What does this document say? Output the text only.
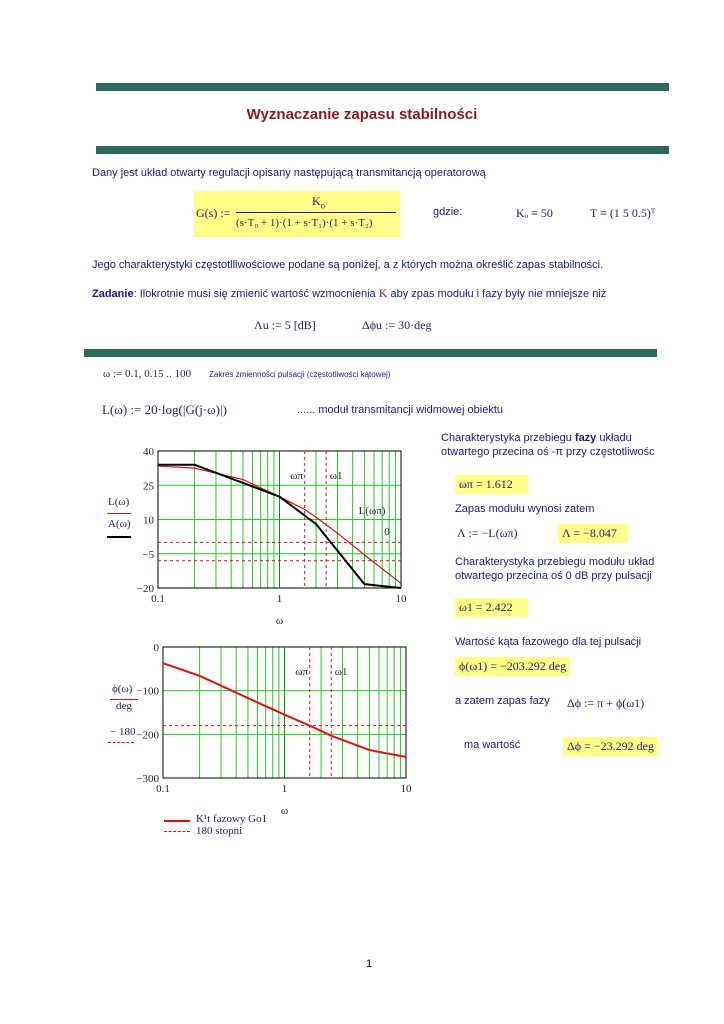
Wyznaczanie zapasu stabilności
Dany jest układ otwarty regulacji opisany następującą transmitancją operatorową
G(s) :=
$K_o$
(s·T₀ + 1)·(1 + s·T₁)·(1 + s·T₂)
gdzie:	Kₒ ≡ 50	T ≡ (1 5 0.5)ᵀ
Jego charakterystyki częstotlliwościowe podane są poniżej, a z których można określić zapas stabilności.
Zadanie: Ilokrotnie musi się zmienić wartość wzmocnienia K aby zpas modułu i fazy były nie mniejsze niż
Λu := 5 [dB]	Δϕu := 30·deg
ω := 0.1, 0.15 .. 100 Zakres zmienności pulsacji (częstotliwości kątowej)
L(ω) := 20·log(|G(j·ω)|)	...... moduł transmitancji widmowej obiektu
Charakterystyka przebiegu fazy układu
otwartego przecina oś -π przy częstotliwośc
ωπ = 1.612
Zapas modułu wynosi zatem
Λ := −L(ωπ)	Λ = −8.047
Charakterystyka przebiegu modułu układ
otwartego przecina oś 0 dB przy pulsacji
ω1 = 2.422
Wartość kąta fazowego dla tej pulsacji
ϕ(ω1) = −203.292 deg
a zatem zapas fazy Δϕ := π + ϕ(ω1)
ma wartość	Δϕ = −23.292 deg
L(ω)
A(ω)
ϕ(ω)
deg
− 180
K¹t fazowy Go1
180 stopni
40
25
10
−5
−20
0.1	1	10
ω
ωπ ω1
L(ωπ)
0
0
−100
−200
−300
0.1	1	10
ω
ωπ ω1
1
